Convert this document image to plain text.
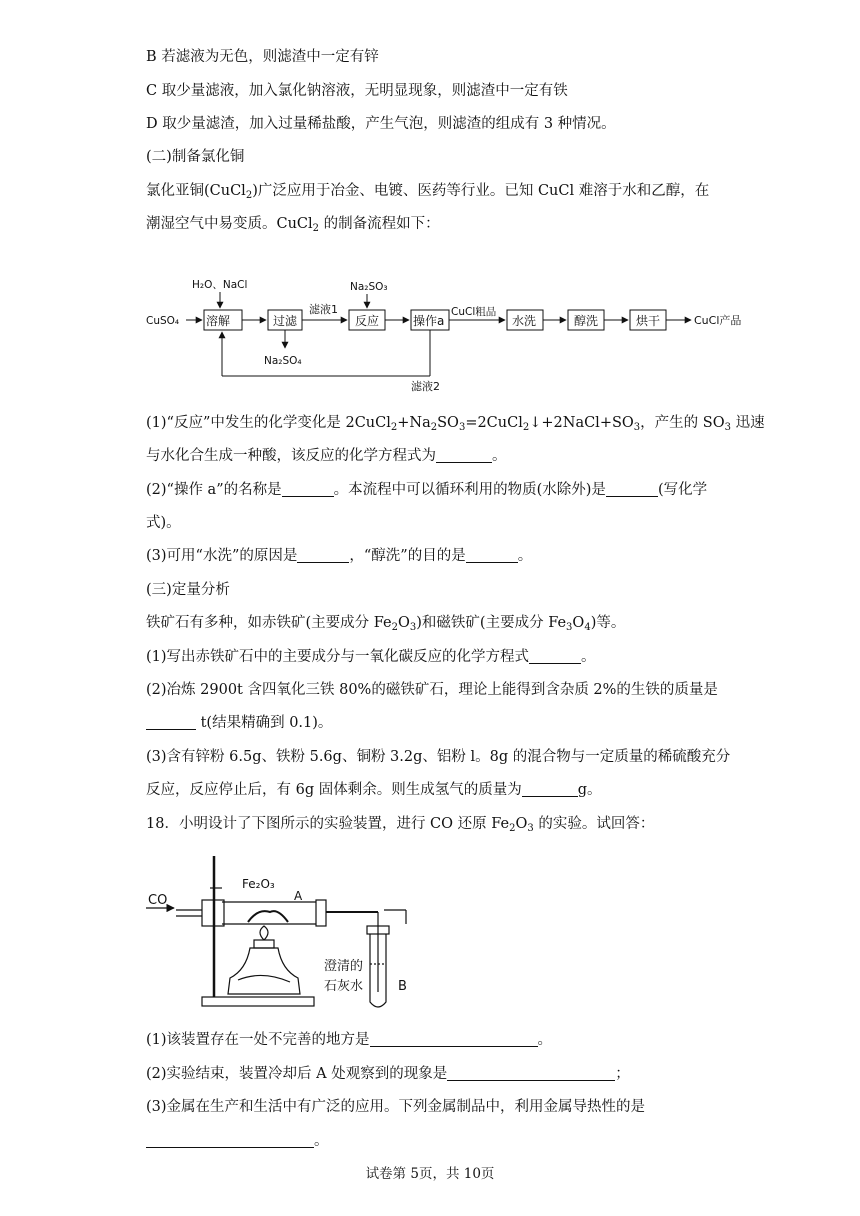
B 若滤液为无色，则滤渣中一定有锌
C 取少量滤液，加入氯化钠溶液，无明显现象，则滤渣中一定有铁
D 取少量滤渣，加入过量稀盐酸，产生气泡，则滤渣的组成有 3 种情况。
(二)制备氯化铜
氯化亚铜(CuCl$_2$)广泛应用于冶金、电镀、医药等行业。已知 CuCl 难溶于水和乙醇，在
潮湿空气中易变质。CuCl$_2$ 的制备流程如下：
CuSO₄
H₂O、NaCl
溶解	过滤
Na₂SO₄
滤液1
Na₂SO₃
反应	操作a
CuCl粗品
水洗	醇洗	烘干	CuCl产品
滤液2
(1)“反应”中发生的化学变化是 $2CuCl_2+Na_2SO_3=2CuCl_2↓+2NaCl+SO_3$，产生的 $SO_3$ 迅速
与水化合生成一种酸，该反应的化学方程式为	。
(2)“操作 a”的名称是	。本流程中可以循环利用的物质(水除外)是	(写化学
式)。
(3)可用“水洗”的原因是	，“醇洗”的目的是	。
(三)定量分析
铁矿石有多种，如赤铁矿(主要成分 $Fe_2O_3$)和磁铁矿(主要成分 $Fe_3O_4$)等。
(1)写出赤铁矿石中的主要成分与一氧化碳反应的化学方程式	。
(2)冶炼 2900t 含四氧化三铁 80%的磁铁矿石，理论上能得到含杂质 2%的生铁的质量是
t(结果精确到 0.1)。
(3)含有锌粉 6.5g、铁粉 5.6g、铜粉 3.2g、铝粉 l。8g 的混合物与一定质量的稀硫酸充分
反应，反应停止后，有 6g 固体剩余。则生成氢气的质量为	g。
18．小明设计了下图所示的实验装置，进行 CO 还原 $Fe_2O_3$ 的实验。试回答：
CO
Fe₂O₃
A
澄清的
石灰水	B
(1)该装置存在一处不完善的地方是	。
(2)实验结束，装置冷却后 A 处观察到的现象是	；
(3)金属在生产和生活中有广泛的应用。下列金属制品中，利用金属导热性的是
。
试卷第 5页，共 10页
